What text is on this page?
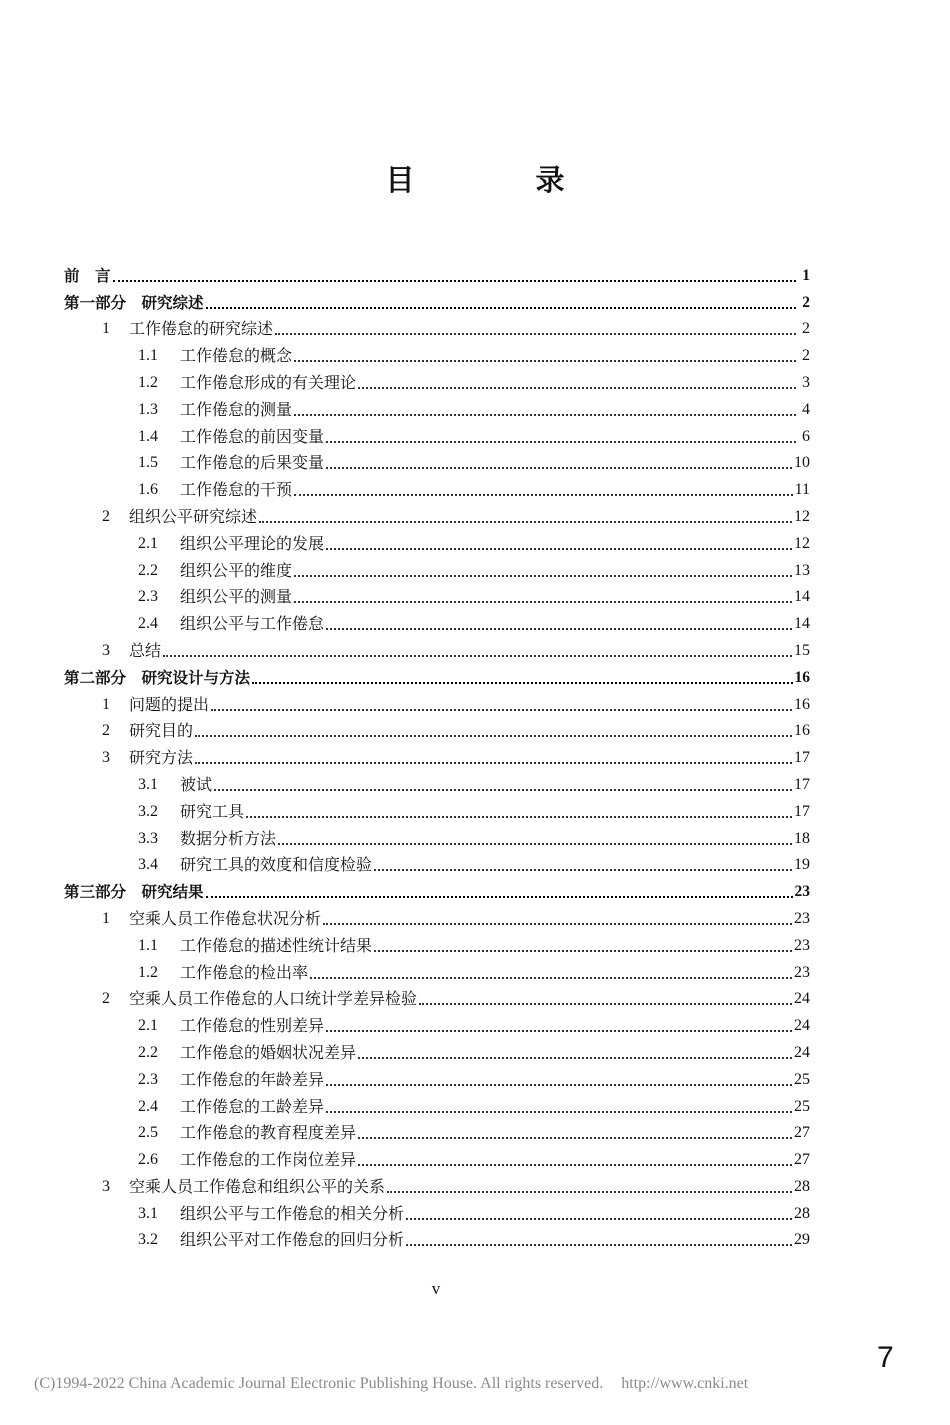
目　录
前　言	1
第一部分　研究综述	2
1	工作倦怠的研究综述	2
1.1	工作倦怠的概念	2
1.2	工作倦怠形成的有关理论	3
1.3	工作倦怠的测量	4
1.4	工作倦怠的前因变量	6
1.5	工作倦怠的后果变量	10
1.6	工作倦怠的干预	11
2	组织公平研究综述	12
2.1	组织公平理论的发展	12
2.2	组织公平的维度	13
2.3	组织公平的测量	14
2.4	组织公平与工作倦怠	14
3	总结	15
第二部分　研究设计与方法	16
1	问题的提出	16
2	研究目的	16
3	研究方法	17
3.1	被试	17
3.2	研究工具	17
3.3	数据分析方法	18
3.4	研究工具的效度和信度检验	19
第三部分　研究结果	23
1	空乘人员工作倦怠状况分析	23
1.1	工作倦怠的描述性统计结果	23
1.2	工作倦怠的检出率	23
2	空乘人员工作倦怠的人口统计学差异检验	24
2.1	工作倦怠的性别差异	24
2.2	工作倦怠的婚姻状况差异	24
2.3	工作倦怠的年龄差异	25
2.4	工作倦怠的工龄差异	25
2.5	工作倦怠的教育程度差异	27
2.6	工作倦怠的工作岗位差异	27
3	空乘人员工作倦怠和组织公平的关系	28
3.1	组织公平与工作倦怠的相关分析	28
3.2	组织公平对工作倦怠的回归分析	29
v
(C)1994-2022 China Academic Journal Electronic Publishing House. All rights reserved. http://www.cnki.net
7
